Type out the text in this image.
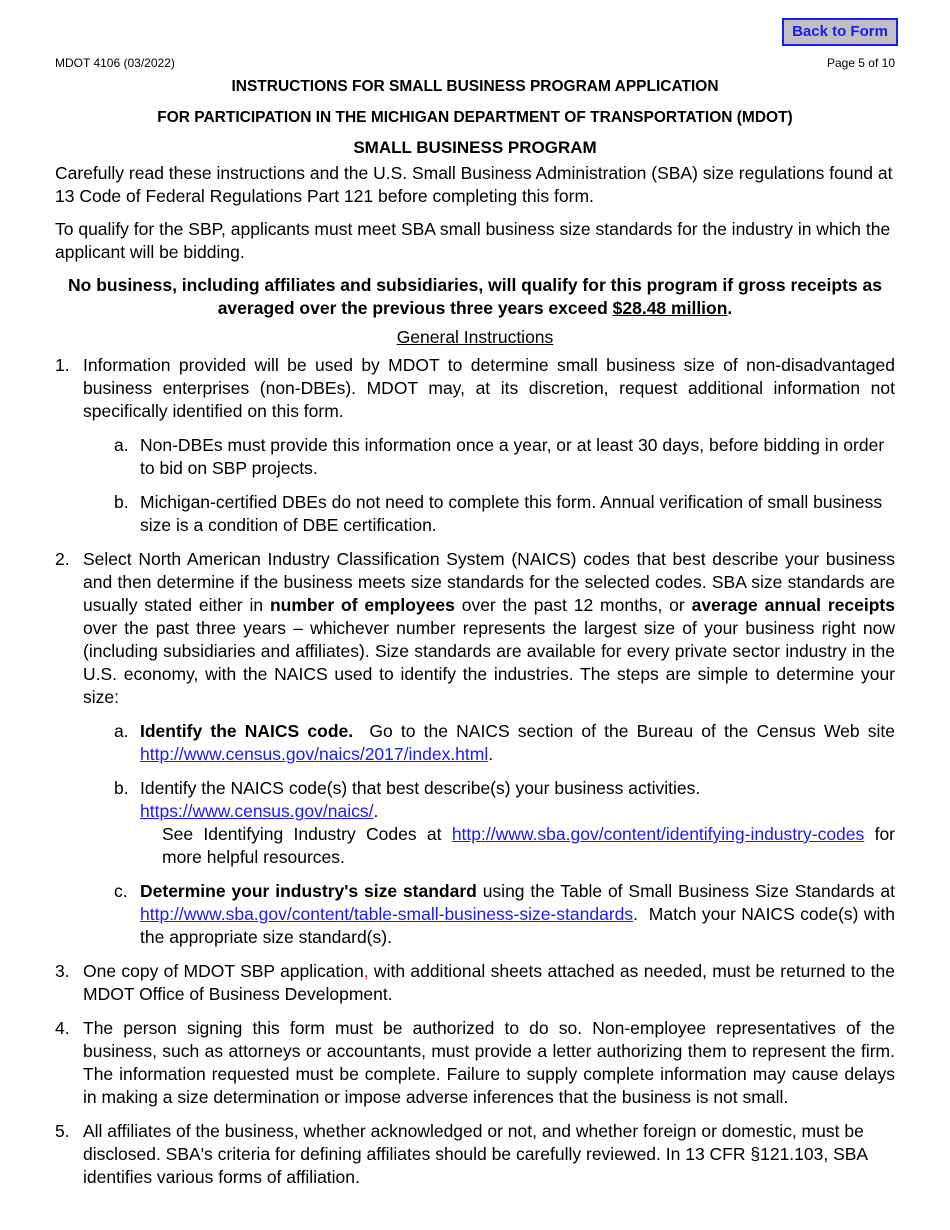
Back to Form
MDOT 4106 (03/2022)	Page 5 of 10
INSTRUCTIONS FOR SMALL BUSINESS PROGRAM APPLICATION
FOR PARTICIPATION IN THE MICHIGAN DEPARTMENT OF TRANSPORTATION (MDOT)
SMALL BUSINESS PROGRAM

Carefully read these instructions and the U.S. Small Business Administration (SBA) size regulations found at 13 Code of Federal Regulations Part 121 before completing this form.

To qualify for the SBP, applicants must meet SBA small business size standards for the industry in which the applicant will be bidding.

No business, including affiliates and subsidiaries, will qualify for this program if gross receipts as averaged over the previous three years exceed $28.48 million.
General Instructions
1. Information provided will be used by MDOT to determine small business size of non-disadvantaged business enterprises (non-DBEs). MDOT may, at its discretion, request additional information not specifically identified on this form.
a. Non-DBEs must provide this information once a year, or at least 30 days, before bidding in order to bid on SBP projects.
b. Michigan-certified DBEs do not need to complete this form. Annual verification of small business size is a condition of DBE certification.
2. Select North American Industry Classification System (NAICS) codes that best describe your business and then determine if the business meets size standards for the selected codes. SBA size standards are usually stated either in number of employees over the past 12 months, or average annual receipts over the past three years – whichever number represents the largest size of your business right now (including subsidiaries and affiliates). Size standards are available for every private sector industry in the U.S. economy, with the NAICS used to identify the industries. The steps are simple to determine your size:
a. Identify the NAICS code.  Go to the NAICS section of the Bureau of the Census Web site http://www.census.gov/naics/2017/index.html.
b. Identify the NAICS code(s) that best describe(s) your business activities.
https://www.census.gov/naics/.
See Identifying Industry Codes at http://www.sba.gov/content/identifying-industry-codes for more helpful resources.
c. Determine your industry's size standard using the Table of Small Business Size Standards at http://www.sba.gov/content/table-small-business-size-standards.  Match your NAICS code(s) with the appropriate size standard(s).
3. One copy of MDOT SBP application, with additional sheets attached as needed, must be returned to the MDOT Office of Business Development.
4. The person signing this form must be authorized to do so. Non-employee representatives of the business, such as attorneys or accountants, must provide a letter authorizing them to represent the firm. The information requested must be complete. Failure to supply complete information may cause delays in making a size determination or impose adverse inferences that the business is not small.
5. All affiliates of the business, whether acknowledged or not, and whether foreign or domestic, must be disclosed. SBA's criteria for defining affiliates should be carefully reviewed. In 13 CFR §121.103, SBA identifies various forms of affiliation.
